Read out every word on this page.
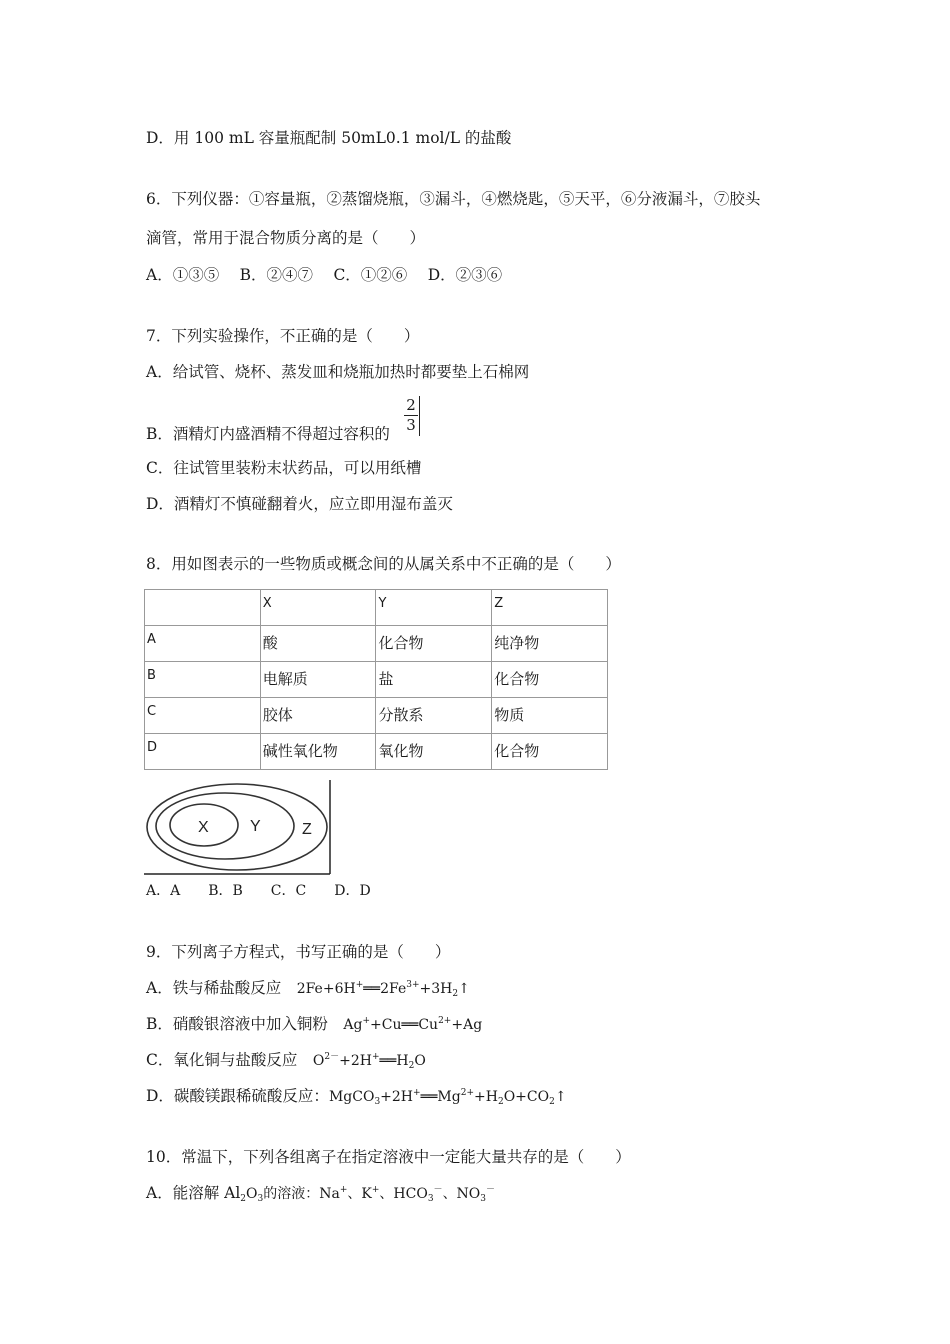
D．用 100 mL 容量瓶配制 50mL0.1 mol/L 的盐酸
6．下列仪器：①容量瓶，②蒸馏烧瓶，③漏斗，④燃烧匙，⑤天平，⑥分液漏斗，⑦胶头
滴管，常用于混合物质分离的是（　　）
A．①③⑤　 B．②④⑦　 C．①②⑥　 D．②③⑥
7．下列实验操作，不正确的是（　　）
A．给试管、烧杯、蒸发皿和烧瓶加热时都要垫上石棉网
B．酒精灯内盛酒精不得超过容积的 $\frac{2}{3}$
C．往试管里装粉末状药品，可以用纸槽
D．酒精灯不慎碰翻着火，应立即用湿布盖灭
8．用如图表示的一些物质或概念间的从属关系中不正确的是（　　）
	X	Y	Z
A	酸	化合物	纯净物
B	电解质	盐	化合物
C	胶体	分散系	物质
D	碱性氧化物	氧化物	化合物
X	Y	Z
A．A　　B．B　　C．C　　D．D
9．下列离子方程式，书写正确的是（　　）
A．铁与稀盐酸反应　$2Fe+6H^+══2Fe^{3+}+3H_2↑$
B．硝酸银溶液中加入铜粉　$Ag^++Cu══Cu^{2+}+Ag$
C．氧化铜与盐酸反应　$O^{2-}+2H^+══H_2O$
D．碳酸镁跟稀硫酸反应：$MgCO_3+2H^+══Mg^{2+}+H_2O+CO_2↑$
10．常温下，下列各组离子在指定溶液中一定能大量共存的是（　　）
A．能溶解 $Al_2O_3$的溶液：Na+、K+、$HCO_3^-$、$NO_3^-$
